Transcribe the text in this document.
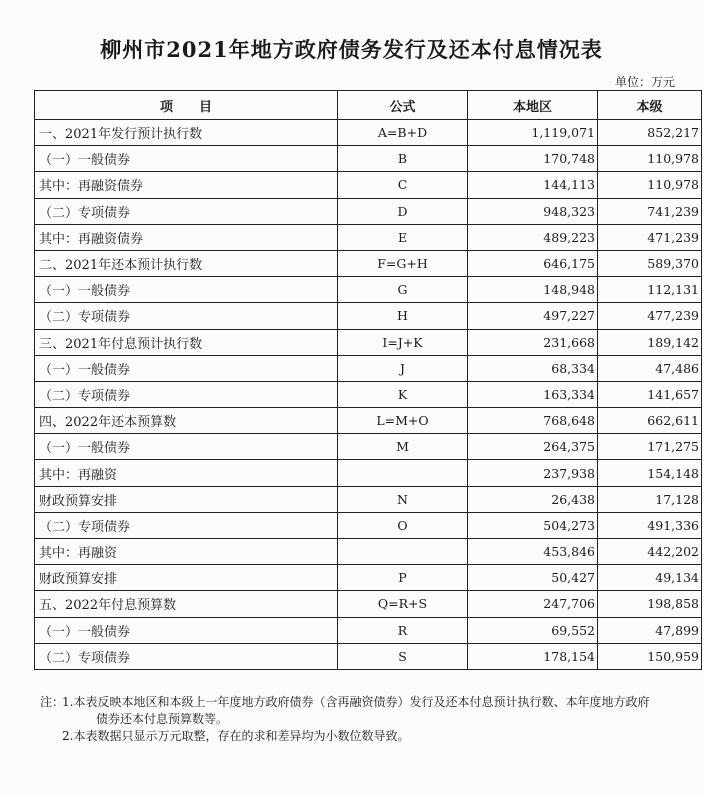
柳州市2021年地方政府债务发行及还本付息情况表
单位：万元
项目	公式	本地区	本级
一、2021年发行预计执行数	A=B+D	1,119,071	852,217
（一）一般债券	B	170,748	110,978
其中：再融资债券	C	144,113	110,978
（二）专项债券	D	948,323	741,239
其中：再融资债券	E	489,223	471,239
二、2021年还本预计执行数	F=G+H	646,175	589,370
（一）一般债券	G	148,948	112,131
（二）专项债券	H	497,227	477,239
三、2021年付息预计执行数	I=J+K	231,668	189,142
（一）一般债券	J	68,334	47,486
（二）专项债券	K	163,334	141,657
四、2022年还本预算数	L=M+O	768,648	662,611
（一）一般债券	M	264,375	171,275
其中：再融资		237,938	154,148
财政预算安排	N	26,438	17,128
（二）专项债券	O	504,273	491,336
其中：再融资		453,846	442,202
财政预算安排	P	50,427	49,134
五、2022年付息预算数	Q=R+S	247,706	198,858
（一）一般债券	R	69,552	47,899
（二）专项债券	S	178,154	150,959
注：
1.本表反映本地区和本级上一年度地方政府债券（含再融资债券）发行及还本付息预计执行数、本年度地方政府
债券还本付息预算数等。
2.本表数据只显示万元取整，存在的求和差异均为小数位数导致。
